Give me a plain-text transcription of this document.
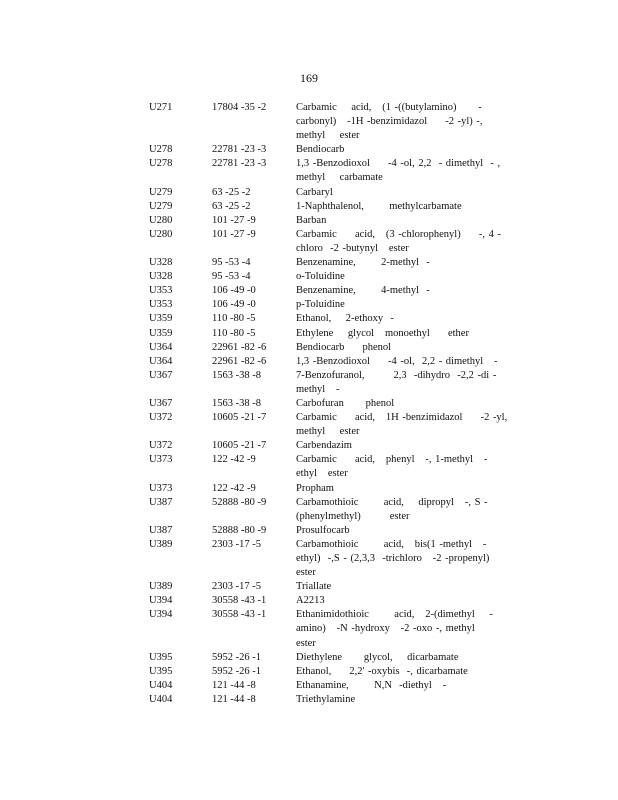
169
U271	17804 -35 -2	Carbamic    acid,   (1 -((butylamino)      -
carbonyl)   -1H -benzimidazol     -2 -yl) -,
methyl    ester
U278	22781 -23 -3	Bendiocarb
U278	22781 -23 -3	1,3 -Benzodioxol     -4 -ol, 2,2  - dimethyl  - ,
methyl    carbamate
U279	63 -25 -2	Carbaryl
U279	63 -25 -2	1-Naphthalenol,       methylcarbamate
U280	101 -27 -9	Barban
U280	101 -27 -9	Carbamic     acid,   (3 -chlorophenyl)     -, 4 -
chloro  -2 -butynyl   ester
U328	95 -53 -4	Benzenamine,       2-methyl  -
U328	95 -53 -4	o-Toluidine
U353	106 -49 -0	Benzenamine,       4-methyl  -
U353	106 -49 -0	p-Toluidine
U359	110 -80 -5	Ethanol,    2-ethoxy  -
U359	110 -80 -5	Ethylene    glycol   monoethyl     ether
U364	22961 -82 -6	Bendiocarb     phenol
U364	22961 -82 -6	1,3 -Benzodioxol     -4 -ol,  2,2 - dimethyl   -
U367	1563 -38 -8	7-Benzofuranol,        2,3  -dihydro  -2,2 -di -
methyl   -
U367	1563 -38 -8	Carbofuran      phenol
U372	10605 -21 -7	Carbamic     acid,   1H -benzimidazol     -2 -yl,
methyl    ester
U372	10605 -21 -7	Carbendazim
U373	122 -42 -9	Carbamic     acid,   phenyl   -, 1-methyl   -
ethyl   ester
U373	122 -42 -9	Propham
U387	52888 -80 -9	Carbamothioic       acid,    dipropyl   -, S -
(phenylmethyl)        ester
U387	52888 -80 -9	Prosulfocarb
U389	2303 -17 -5	Carbamothioic       acid,   bis(1 -methyl   -
ethyl)  -,S - (2,3,3  -trichloro   -2 -propenyl)
ester
U389	2303 -17 -5	Triallate
U394	30558 -43 -1	A2213
U394	30558 -43 -1	Ethanimidothioic       acid,   2-(dimethyl    -
amino)   -N -hydroxy   -2 -oxo -, methyl
ester
U395	5952 -26 -1	Diethylene      glycol,    dicarbamate
U395	5952 -26 -1	Ethanol,     2,2' -oxybis  -, dicarbamate
U404	121 -44 -8	Ethanamine,       N,N  -diethyl   -
U404	121 -44 -8	Triethylamine
